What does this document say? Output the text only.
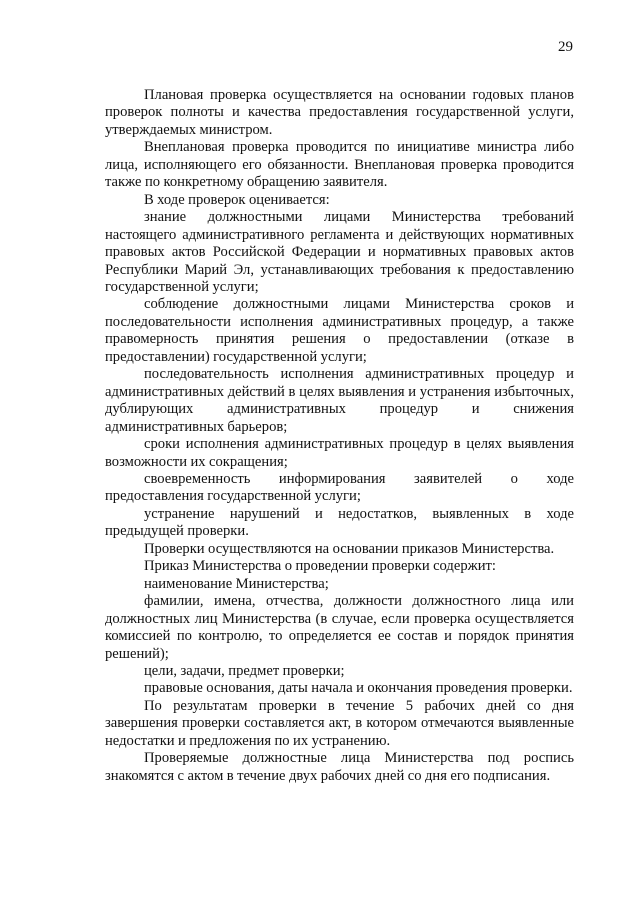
29

Плановая проверка осуществляется на основании годовых планов проверок полноты и качества предоставления государственной услуги, утверждаемых министром.

Внеплановая проверка проводится по инициативе министра либо лица, исполняющего его обязанности. Внеплановая проверка проводится также по конкретному обращению заявителя.

В ходе проверок оценивается:

знание должностными лицами Министерства требований настоящего административного регламента и действующих нормативных правовых актов Российской Федерации и нормативных правовых актов Республики Марий Эл, устанавливающих требования к предоставлению государственной услуги;

соблюдение должностными лицами Министерства сроков и последовательности исполнения административных процедур, а также правомерность принятия решения о предоставлении (отказе в предоставлении) государственной услуги;

последовательность исполнения административных процедур и административных действий в целях выявления и устранения избыточных, дублирующих административных процедур и снижения административных барьеров;

сроки исполнения административных процедур в целях выявления возможности их сокращения;

своевременность информирования заявителей о ходе предоставления государственной услуги;

устранение нарушений и недостатков, выявленных в ходе предыдущей проверки.

Проверки осуществляются на основании приказов Министерства.

Приказ Министерства о проведении проверки содержит:

наименование Министерства;

фамилии, имена, отчества, должности должностного лица или должностных лиц Министерства (в случае, если проверка осуществляется комиссией по контролю, то определяется ее состав и порядок принятия решений);

цели, задачи, предмет проверки;

правовые основания, даты начала и окончания проведения проверки.

По результатам проверки в течение 5 рабочих дней со дня завершения проверки составляется акт, в котором отмечаются выявленные недостатки и предложения по их устранению.

Проверяемые должностные лица Министерства под роспись знакомятся с актом в течение двух рабочих дней со дня его подписания.
